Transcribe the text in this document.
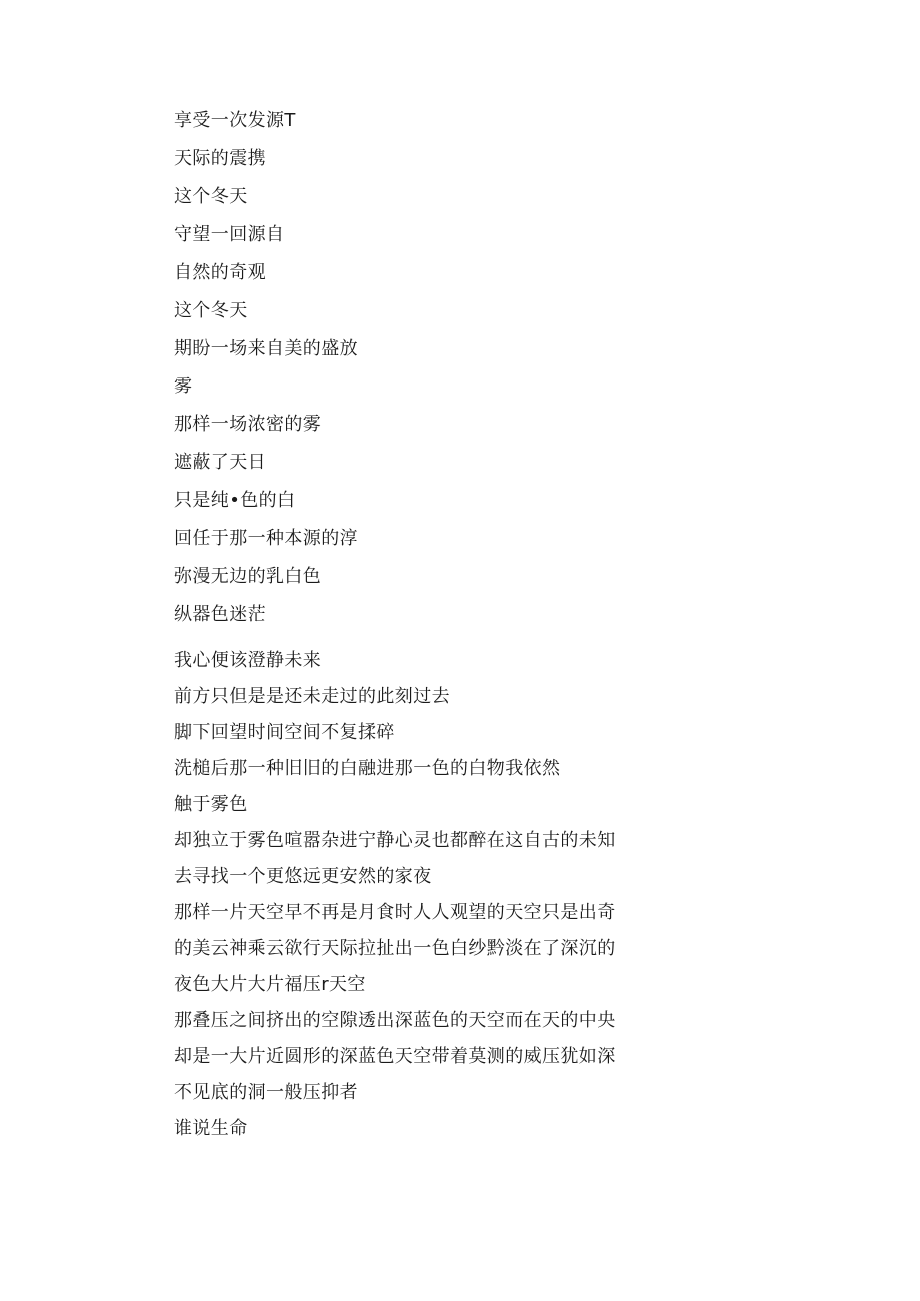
享受一次发源T
天际的震携
这个冬天
守望一回源自
自然的奇观
这个冬天
期盼一场来自美的盛放
雾
那样一场浓密的雾
遮蔽了天日
只是纯•色的白
回任于那一种本源的淳
弥漫无边的乳白色
纵器色迷茫
我心便该澄静未来
前方只但是是还未走过的此刻过去
脚下回望时间空间不复揉碎
洗槌后那一种旧旧的白融进那一色的白物我依然
触于雾色
却独立于雾色喧嚣杂进宁静心灵也都醉在这自古的未知
去寻找一个更悠远更安然的家夜
那样一片天空早不再是月食时人人观望的天空只是出奇
的美云神乘云欲行天际拉扯出一色白纱黔淡在了深沉的
夜色大片大片福压r天空
那叠压之间挤出的空隙透出深蓝色的天空而在天的中央
却是一大片近圆形的深蓝色天空带着莫测的威压犹如深
不见底的洞一般压抑者
谁说生命
